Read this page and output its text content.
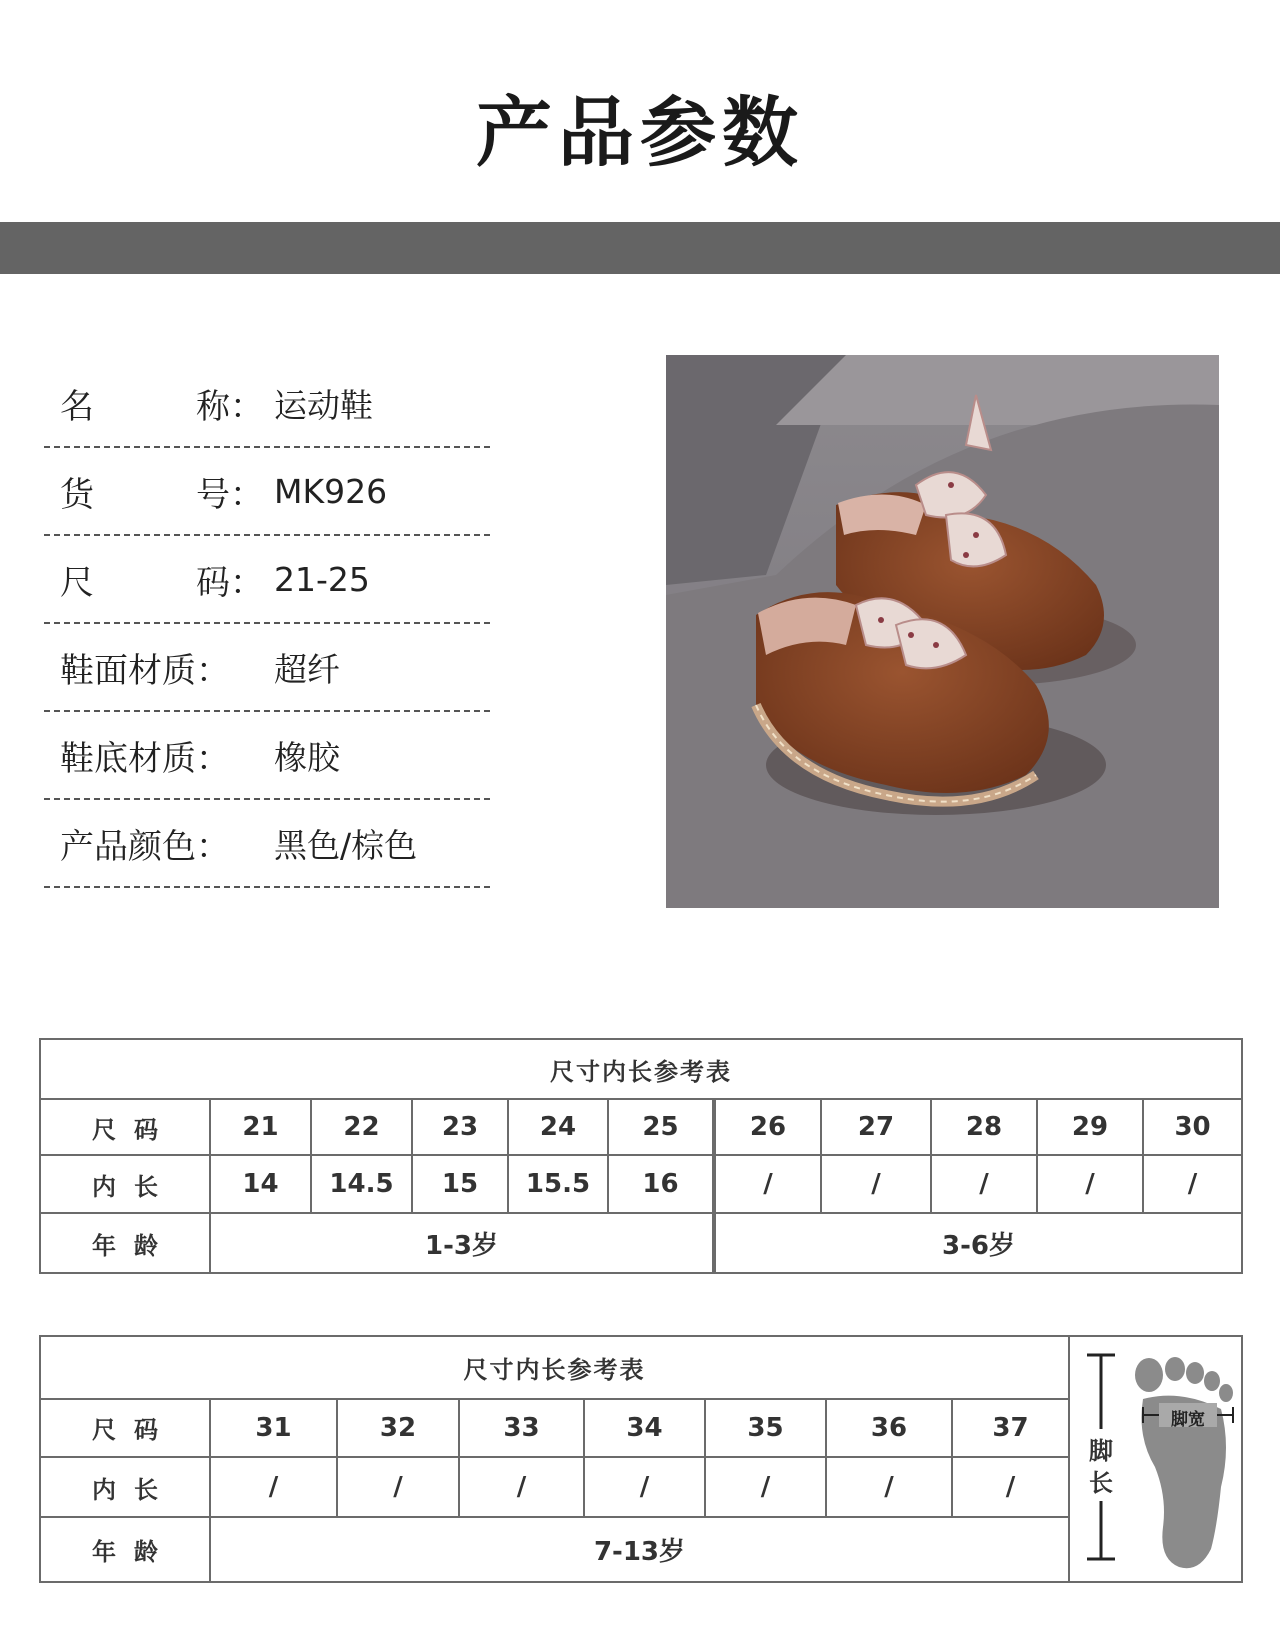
产品参数
名	称： 运动鞋
货	号： MK926
尺	码： 21-25
鞋面材质： 超纤
鞋底材质： 橡胶
产品颜色： 黑色/棕色
尺寸内长参考表										
尺码	21	22	23	24	25	26	27	28	29	30
内长	14	14.5	15	15.5	16	/	/	/	/	/
年龄	1-3岁					3-6岁				
尺寸内长参考表								脚长
脚宽

尺码	31	32	33	34	35	36	37	
内长	/	/	/	/	/	/	/	
年龄	7-13岁							
